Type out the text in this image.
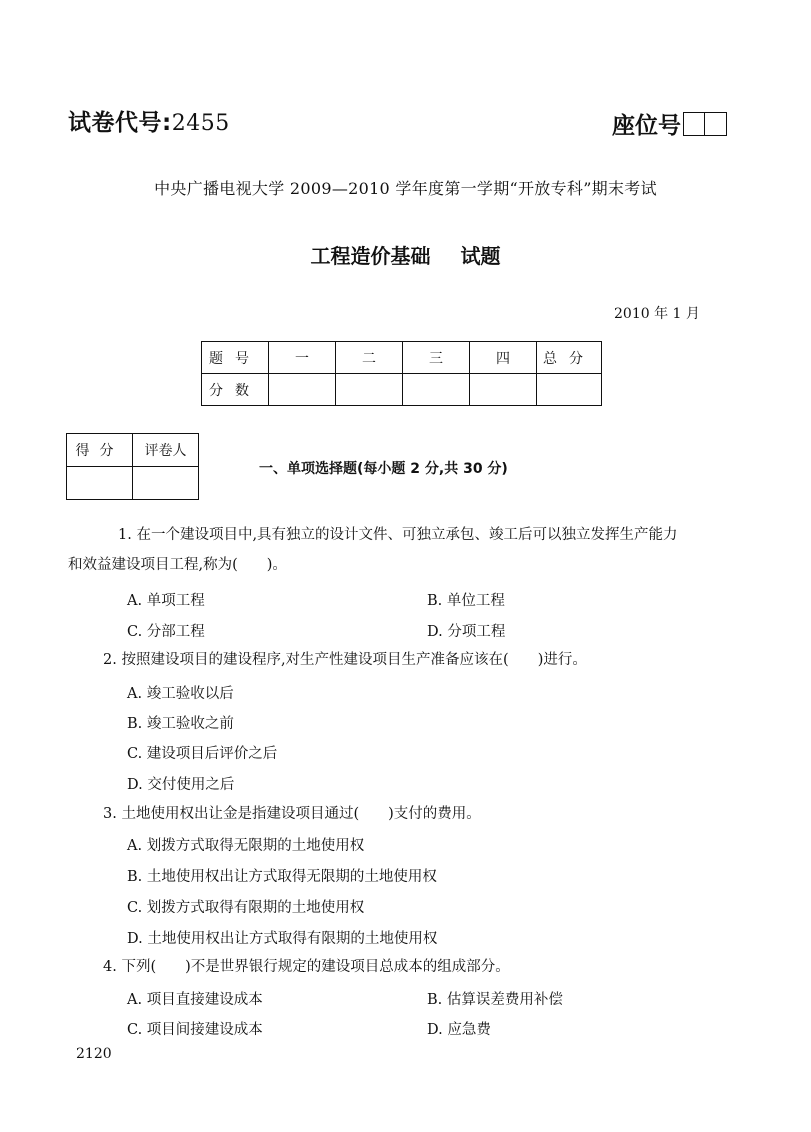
试卷代号:2455	座位号
中央广播电视大学 2009—2010 学年度第一学期“开放专科”期末考试
工程造价基础 试题
2010 年 1 月
题号	一	二	三	四	总分
分数					
得分	评卷人

一、单项选择题(每小题 2 分,共 30 分)
1. 在一个建设项目中,具有独立的设计文件、可独立承包、竣工后可以独立发挥生产能力
和效益建设项目工程,称为(　　)。
A. 单项工程	B. 单位工程
C. 分部工程	D. 分项工程
2. 按照建设项目的建设程序,对生产性建设项目生产准备应该在(　　)进行。
A. 竣工验收以后
B. 竣工验收之前
C. 建设项目后评价之后
D. 交付使用之后
3. 土地使用权出让金是指建设项目通过(　　)支付的费用。
A. 划拨方式取得无限期的土地使用权
B. 土地使用权出让方式取得无限期的土地使用权
C. 划拨方式取得有限期的土地使用权
D. 土地使用权出让方式取得有限期的土地使用权
4. 下列(　　)不是世界银行规定的建设项目总成本的组成部分。
A. 项目直接建设成本	B. 估算误差费用补偿
C. 项目间接建设成本	D. 应急费
2120
